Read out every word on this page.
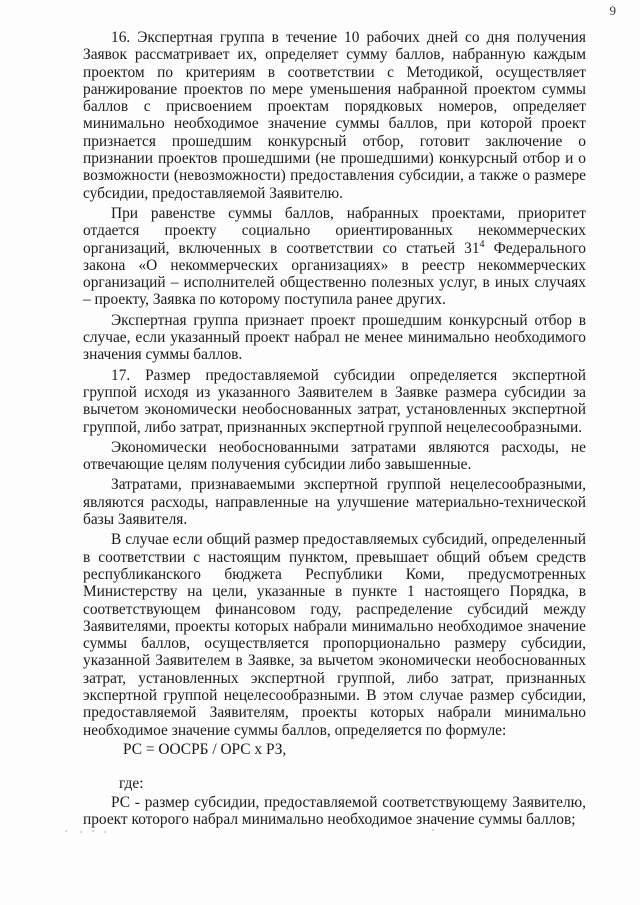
9

16. Экспертная группа в течение 10 рабочих дней со дня получения Заявок рассматривает их, определяет сумму баллов, набранную каждым проектом по критериям в соответствии с Методикой, осуществляет ранжирование проектов по мере уменьшения набранной проектом суммы баллов с присвоением проектам порядковых номеров, определяет минимально необходимое значение суммы баллов, при которой проект признается прошедшим конкурсный отбор, готовит заключение о признании проектов прошедшими (не прошедшими) конкурсный отбор и о возможности (невозможности) предоставления субсидии, а также о размере субсидии, предоставляемой Заявителю.

При равенстве суммы баллов, набранных проектами, приоритет отдается проекту социально ориентированных некоммерческих организаций, включенных в соответствии со статьей $31^4$ Федерального закона «О некоммерческих организациях» в реестр некоммерческих организаций – исполнителей общественно полезных услуг, в иных случаях – проекту, Заявка по которому поступила ранее других.

Экспертная группа признает проект прошедшим конкурсный отбор в случае, если указанный проект набрал не менее минимально необходимого значения суммы баллов.

17. Размер предоставляемой субсидии определяется экспертной группой исходя из указанного Заявителем в Заявке размера субсидии за вычетом экономически необоснованных затрат, установленных экспертной группой, либо затрат, признанных экспертной группой нецелесообразными.

Экономически необоснованными затратами являются расходы, не отвечающие целям получения субсидии либо завышенные.

Затратами, признаваемыми экспертной группой нецелесообразными, являются расходы, направленные на улучшение материально-технической базы Заявителя.

В случае если общий размер предоставляемых субсидий, определенный в соответствии с настоящим пунктом, превышает общий объем средств республиканского бюджета Республики Коми, предусмотренных Министерству на цели, указанные в пункте 1 настоящего Порядка, в соответствующем финансовом году, распределение субсидий между Заявителями, проекты которых набрали минимально необходимое значение суммы баллов, осуществляется пропорционально размеру субсидии, указанной Заявителем в Заявке, за вычетом экономически необоснованных затрат, установленных экспертной группой, либо затрат, признанных экспертной группой нецелесообразными. В этом случае размер субсидии, предоставляемой Заявителям, проекты которых набрали минимально необходимое значение суммы баллов, определяется по формуле:

РС = ООСРБ / ОРС х РЗ,
где:

РС - размер субсидии, предоставляемой соответствующему Заявителю, проект которого набрал минимально необходимое значение суммы баллов;
